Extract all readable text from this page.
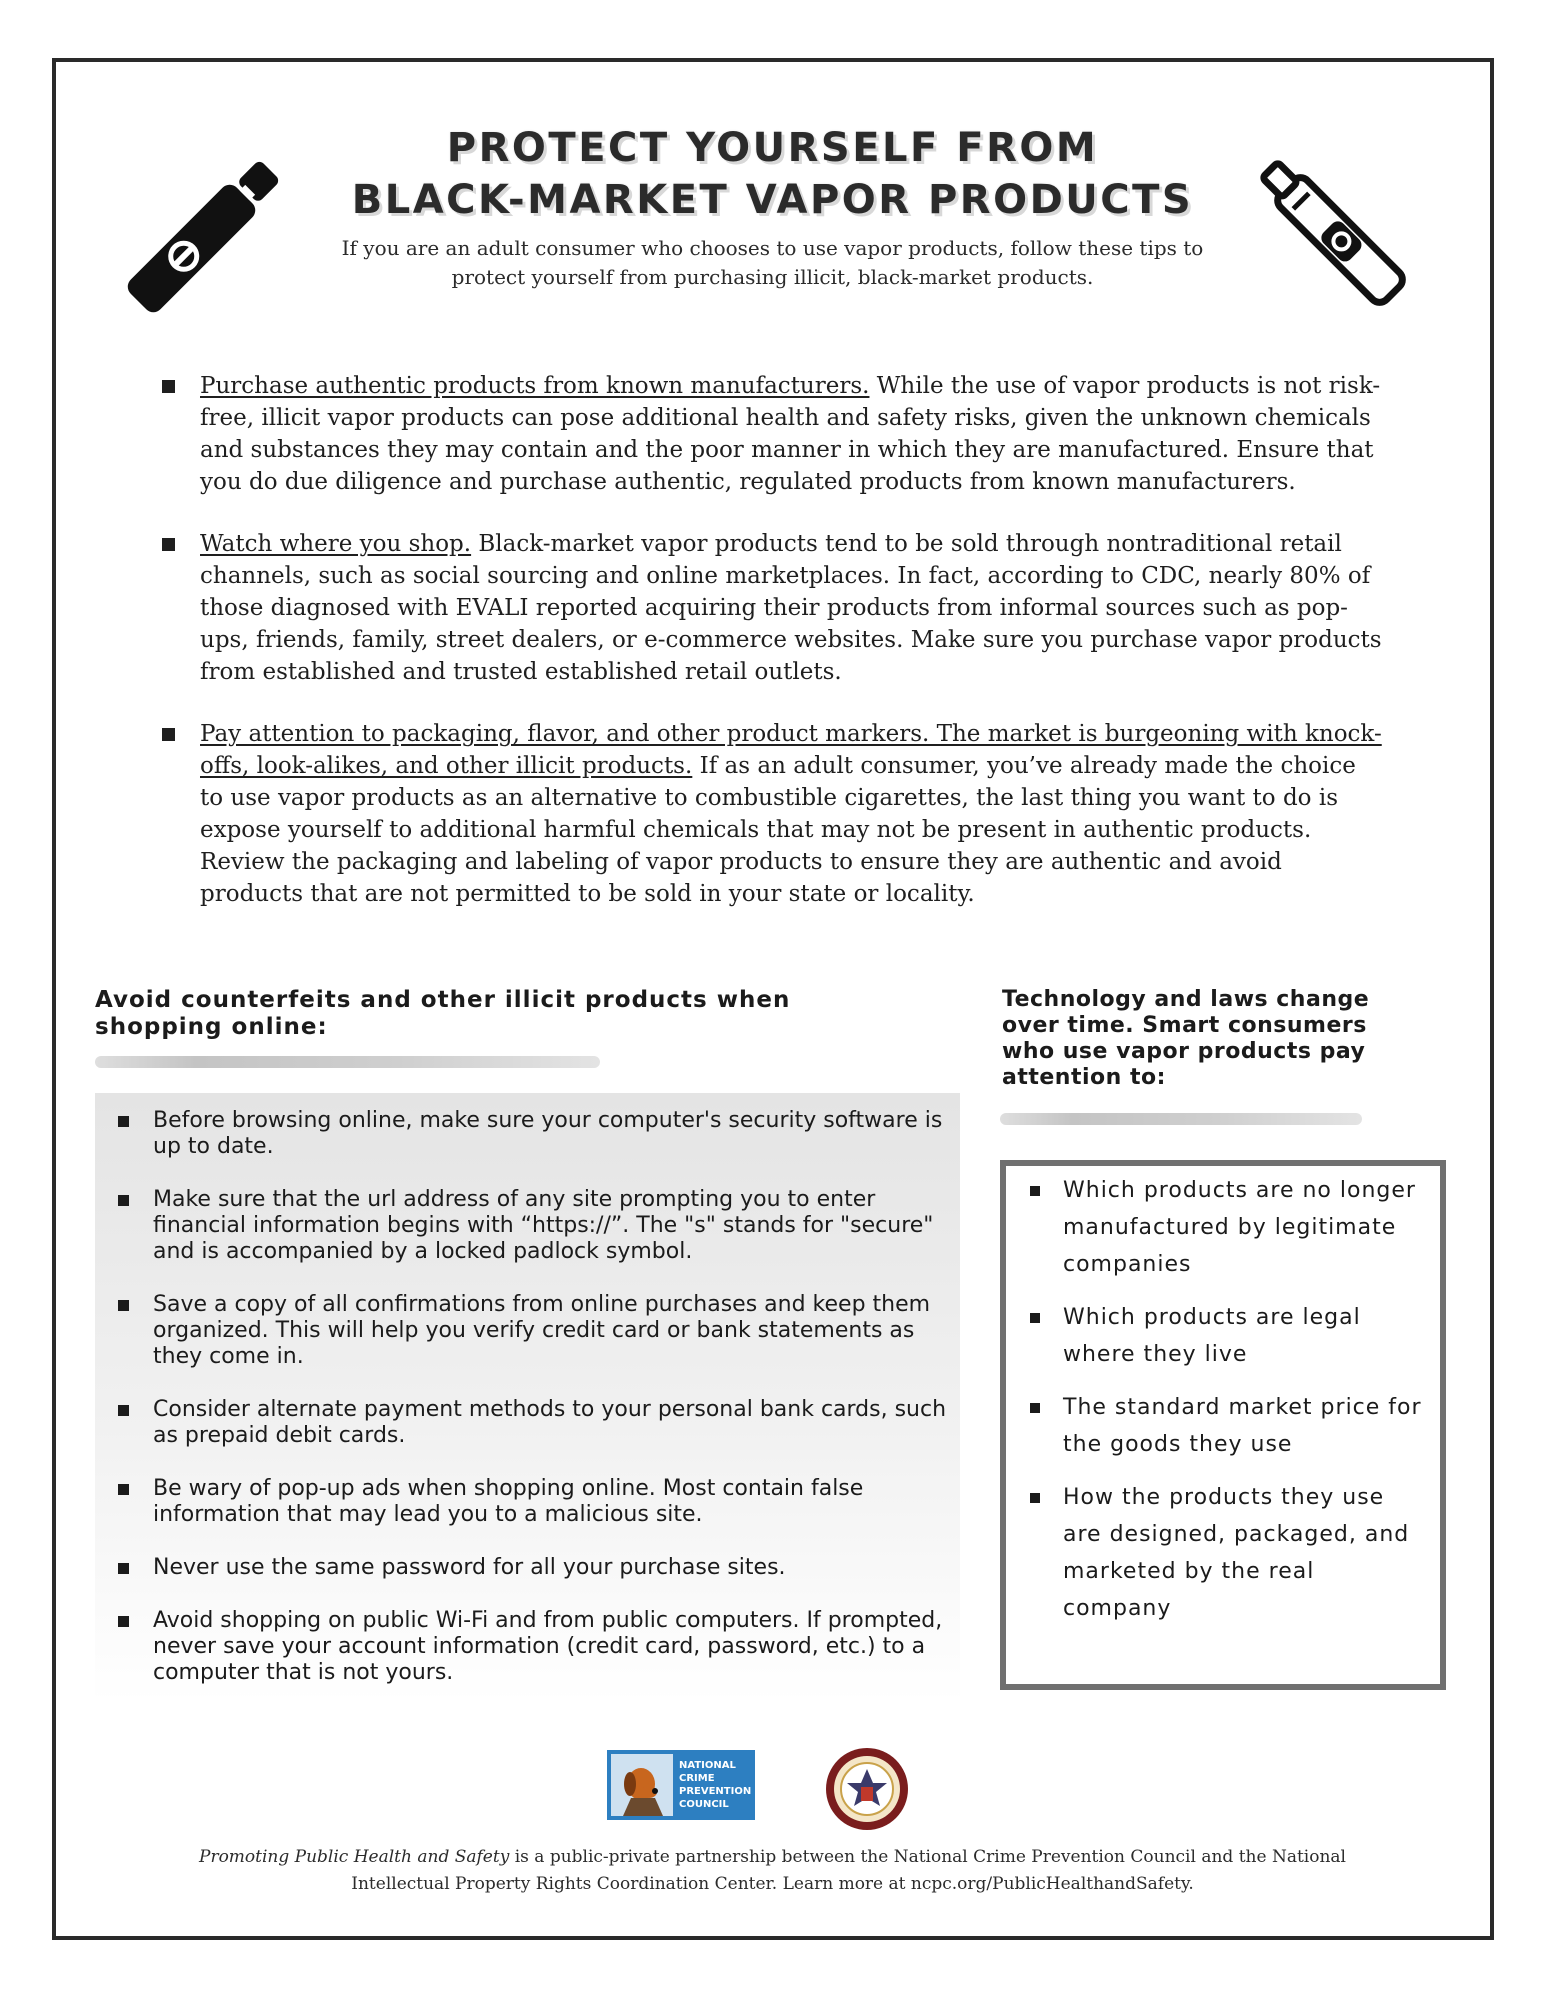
PROTECT YOURSELF FROM
BLACK-MARKET VAPOR PRODUCTS

If you are an adult consumer who chooses to use vapor products, follow these tips to protect yourself from purchasing illicit, black-market products.

Purchase authentic products from known manufacturers. While the use of vapor products is not risk-free, illicit vapor products can pose additional health and safety risks, given the unknown chemicals and substances they may contain and the poor manner in which they are manufactured. Ensure that you do due diligence and purchase authentic, regulated products from known manufacturers.
Watch where you shop. Black-market vapor products tend to be sold through nontraditional retail channels, such as social sourcing and online marketplaces. In fact, according to CDC, nearly 80% of those diagnosed with EVALI reported acquiring their products from informal sources such as pop-ups, friends, family, street dealers, or e-commerce websites. Make sure you purchase vapor products from established and trusted established retail outlets.
Pay attention to packaging, flavor, and other product markers. The market is burgeoning with knock-offs, look-alikes, and other illicit products. If as an adult consumer, you’ve already made the choice to use vapor products as an alternative to combustible cigarettes, the last thing you want to do is expose yourself to additional harmful chemicals that may not be present in authentic products. Review the packaging and labeling of vapor products to ensure they are authentic and avoid products that are not permitted to be sold in your state or locality.
Avoid counterfeits and other illicit products when shopping online:
Before browsing online, make sure your computer's security software is up to date.
Make sure that the url address of any site prompting you to enter financial information begins with “https://”. The "s" stands for "secure" and is accompanied by a locked padlock symbol.
Save a copy of all confirmations from online purchases and keep them organized. This will help you verify credit card or bank statements as they come in.
Consider alternate payment methods to your personal bank cards, such as prepaid debit cards.
Be wary of pop-up ads when shopping online. Most contain false information that may lead you to a malicious site.
Never use the same password for all your purchase sites.
Avoid shopping on public Wi-Fi and from public computers. If prompted, never save your account information (credit card, password, etc.) to a computer that is not yours.
Technology and laws change over time. Smart consumers who use vapor products pay attention to:
Which products are no longer manufactured by legitimate companies
Which products are legal where they live
The standard market price for the goods they use
How the products they use are designed, packaged, and marketed by the real company
NATIONAL
CRIME
PREVENTION
COUNCIL

Promoting Public Health and Safety is a public-private partnership between the National Crime Prevention Council and the National Intellectual Property Rights Coordination Center. Learn more at ncpc.org/PublicHealthandSafety.
